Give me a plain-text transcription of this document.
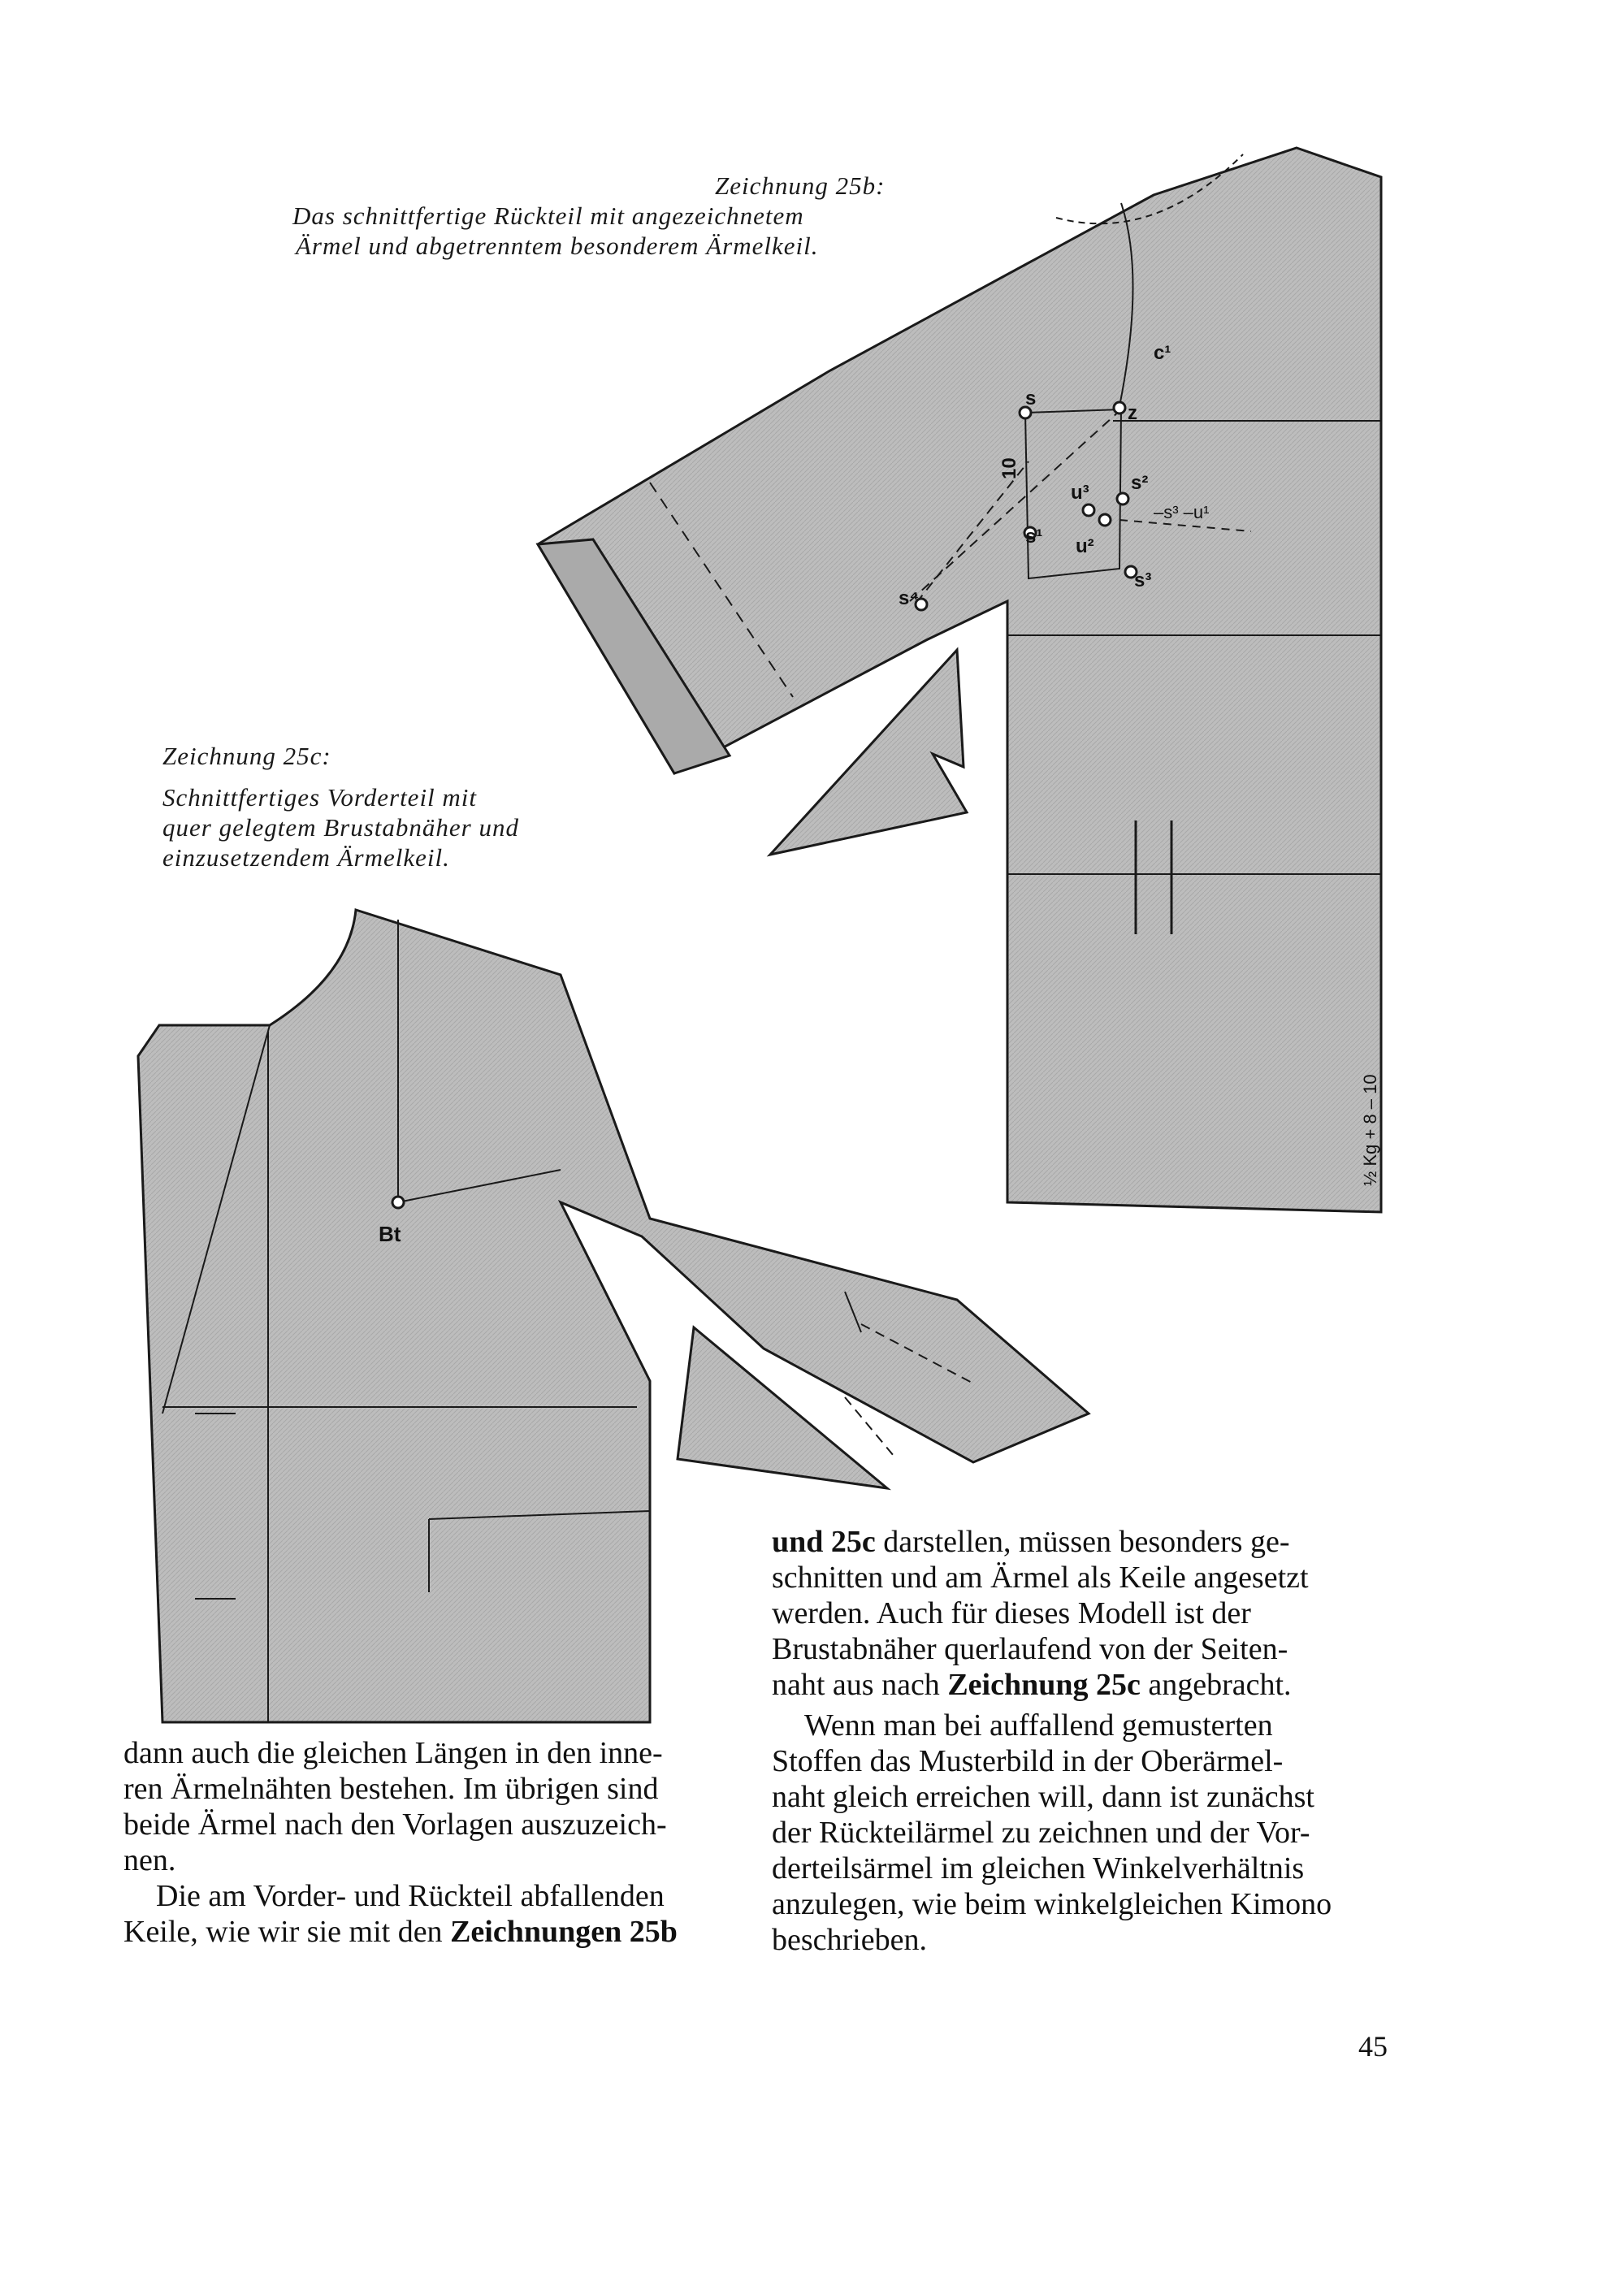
Zeichnung 25b:
Das schnittfertige Rückteil mit angezeichnetem
Ärmel und abgetrenntem besonderem Ärmelkeil.
Zeichnung 25c:
Schnittfertiges Vorderteil mit
quer gelegtem Brustabnäher und
einzusetzendem Ärmelkeil.
s
z
c¹
10
u³
s¹
s²
u²
s³
s⁴
–s³ –u¹
½ Kg + 8 – 10
Bt

dann auch die gleichen Längen in den inne-

ren Ärmelnähten bestehen. Im übrigen sind

beide Ärmel nach den Vorlagen auszuzeich-

nen.

Die am Vorder- und Rückteil abfallenden

Keile, wie wir sie mit den Zeichnungen 25b

und 25c darstellen, müssen besonders ge-

schnitten und am Ärmel als Keile angesetzt

werden. Auch für dieses Modell ist der

Brustabnäher querlaufend von der Seiten-

naht aus nach Zeichnung 25c angebracht.

Wenn man bei auffallend gemusterten

Stoffen das Musterbild in der Oberärmel-

naht gleich erreichen will, dann ist zunächst

der Rückteilärmel zu zeichnen und der Vor-

derteilsärmel im gleichen Winkelverhältnis

anzulegen, wie beim winkelgleichen Kimono

beschrieben.

45
